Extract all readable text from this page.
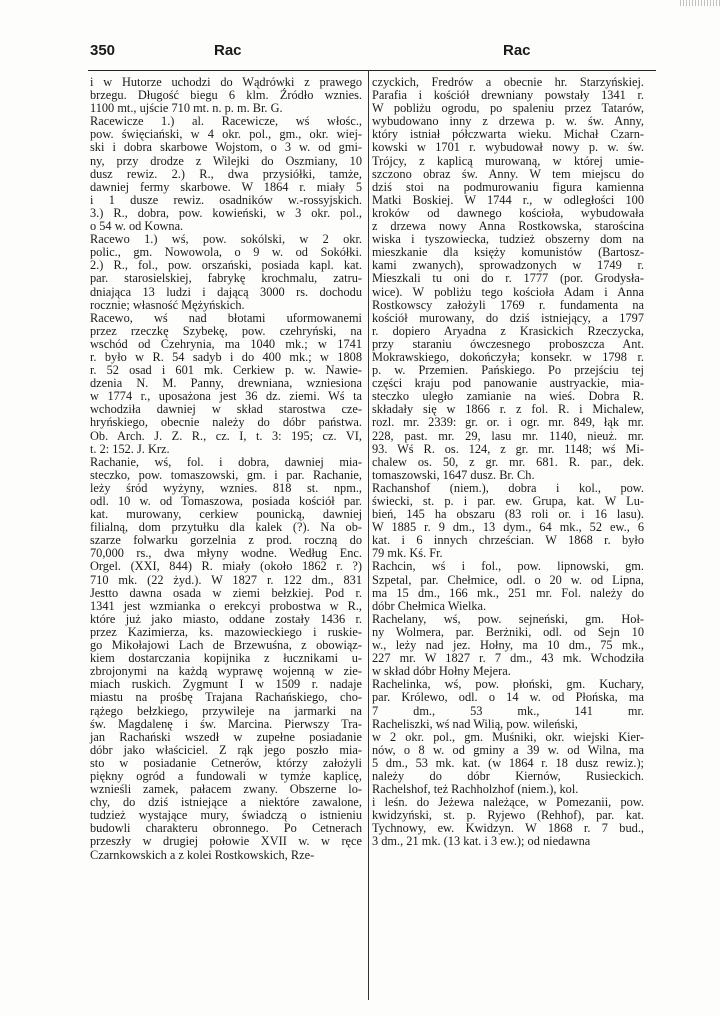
350	Rac	Rac
i w Hutorze uchodzi do Wądrówki z prawego
brzegu. Długość biegu 6 klm. Źródło wznies.
1100 mt., ujście 710 mt. n. p. m. Br. G.
Racewicze 1.) al. Racewicze, wś włośc.,
pow. święciański, w 4 okr. pol., gm., okr. wiej-
ski i dobra skarbowe Wojstom, o 3 w. od gmi-
ny, przy drodze z Wilejki do Oszmiany, 10
dusz rewiz. 2.) R., dwa przysiółki, tamże,
dawniej fermy skarbowe. W 1864 r. miały 5
i 1 dusze rewiz. osadników w.-rossyjskich.
3.) R., dobra, pow. kowieński, w 3 okr. pol.,
o 54 w. od Kowna.
Racewo 1.) wś, pow. sokólski, w 2 okr.
polic., gm. Nowowola, o 9 w. od Sokółki.
2.) R., fol., pow. orszański, posiada kapl. kat.
par. starosielskiej, fabrykę krochmalu, zatru-
dniająca 13 ludzi i dającą 3000 rs. dochodu
rocznie; własność Mężyńskich.
Racewo, wś nad błotami uformowanemi
przez rzeczkę Szybekę, pow. czehryński, na
wschód od Czehrynia, ma 1040 mk.; w 1741
r. było w R. 54 sadyb i do 400 mk.; w 1808
r. 52 osad i 601 mk. Cerkiew p. w. Nawie-
dzenia N. M. Panny, drewniana, wzniesiona
w 1774 r., uposażona jest 36 dz. ziemi. Wś ta
wchodziła dawniej w skład starostwa cze-
hryńskiego, obecnie należy do dóbr państwa.
Ob. Arch. J. Z. R., cz. I, t. 3: 195; cz. VI,
t. 2: 152. J. Krz.
Rachanie, wś, fol. i dobra, dawniej mia-
steczko, pow. tomaszowski, gm. i par. Rachanie,
leży śród wyżyny, wznies. 818 st. npm.,
odl. 10 w. od Tomaszowa, posiada kościół par.
kat. murowany, cerkiew pounicką, dawniej
filialną, dom przytułku dla kalek (?). Na ob-
szarze folwarku gorzelnia z prod. roczną do
70,000 rs., dwa młyny wodne. Według Enc.
Orgel. (XXI, 844) R. miały (około 1862 r. ?)
710 mk. (22 żyd.). W 1827 r. 122 dm., 831
Jestto dawna osada w ziemi bełzkiej. Pod r.
1341 jest wzmianka o erekcyi probostwa w R.,
które już jako miasto, oddane zostały 1436 r.
przez Kazimierza, ks. mazowieckiego i ruskie-
go Mikołajowi Lach de Brzewuśna, z obowiąz-
kiem dostarczania kopijnika z łucznikami u-
zbrojonymi na każdą wyprawę wojenną w zie-
miach ruskich. Zygmunt I w 1509 r. nadaje
miastu na prośbę Trajana Rachańskiego, cho-
rążego bełzkiego, przywileje na jarmarki na
św. Magdalenę i św. Marcina. Pierwszy Tra-
jan Rachański wszedł w zupełne posiadanie
dóbr jako właściciel. Z rąk jego poszło mia-
sto w posiadanie Cetnerów, którzy założyli
piękny ogród a fundowali w tymże kaplicę,
wznieśli zamek, pałacem zwany. Obszerne lo-
chy, do dziś istniejące a niektóre zawalone,
tudzież wystające mury, świadczą o istnieniu
budowli charakteru obronnego. Po Cetnerach
przeszły w drugiej połowie XVII w. w ręce
Czarnkowskich a z kolei Rostkowskich, Rze-
czyckich, Fredrów a obecnie hr. Starzyńskiej.
Parafia i kościół drewniany powstały 1341 r.
W pobliżu ogrodu, po spaleniu przez Tatarów,
wybudowano inny z drzewa p. w. św. Anny,
który istniał półczwarta wieku. Michał Czarn-
kowski w 1701 r. wybudował nowy p. w. św.
Trójcy, z kaplicą murowaną, w której umie-
szczono obraz św. Anny. W tem miejscu do
dziś stoi na podmurowaniu figura kamienna
Matki Boskiej. W 1744 r., w odległości 100
kroków od dawnego kościoła, wybudowała
z drzewa nowy Anna Rostkowska, starościna
wiska i tyszowiecka, tudzież obszerny dom na
mieszkanie dla księży komunistów (Bartosz-
kami zwanych), sprowadzonych w 1749 r.
Mieszkali tu oni do r. 1777 (por. Grodysła-
wice). W pobliżu tego kościoła Adam i Anna
Rostkowscy założyli 1769 r. fundamenta na
kościół murowany, do dziś istniejący, a 1797
r. dopiero Aryadna z Krasickich Rzeczycka,
przy staraniu ówczesnego proboszcza Ant.
Mokrawskiego, dokończyła; konsekr. w 1798 r.
p. w. Przemien. Pańskiego. Po przejściu tej
części kraju pod panowanie austryackie, mia-
steczko uległo zamianie na wieś. Dobra R.
składały się w 1866 r. z fol. R. i Michalew,
rozl. mr. 2339: gr. or. i ogr. mr. 849, łąk mr.
228, past. mr. 29, lasu mr. 1140, nieuż. mr.
93. Wś R. os. 124, z gr. mr. 1148; wś Mi-
chalew os. 50, z gr. mr. 681. R. par., dek.
tomaszowski, 1647 dusz. Br. Ch.
Rachanshof (niem.), dobra i kol., pow.
świecki, st. p. i par. ew. Grupa, kat. W Lu-
bień, 145 ha obszaru (83 roli or. i 16 lasu).
W 1885 r. 9 dm., 13 dym., 64 mk., 52 ew., 6
kat. i 6 innych chrześcian. W 1868 r. było
79 mk. Kś. Fr.
Rachcin, wś i fol., pow. lipnowski, gm.
Szpetal, par. Chełmice, odl. o 20 w. od Lipna,
ma 15 dm., 166 mk., 251 mr. Fol. należy do
dóbr Chełmica Wielka.
Rachelany, wś, pow. sejneński, gm. Hoł-
ny Wolmera, par. Berżniki, odl. od Sejn 10
w., leży nad jez. Hołny, ma 10 dm., 75 mk.,
227 mr. W 1827 r. 7 dm., 43 mk. Wchodziła
w skład dóbr Hołny Mejera.
Rachelinka, wś, pow. płoński, gm. Kuchary,
par. Królewo, odl. o 14 w. od Płońska, ma
7 dm., 53 mk., 141 mr.
Racheliszki, wś nad Wilią, pow. wileński,
w 2 okr. pol., gm. Muśniki, okr. wiejski Kier-
nów, o 8 w. od gminy a 39 w. od Wilna, ma
5 dm., 53 mk. kat. (w 1864 r. 18 dusz rewiz.);
należy do dóbr Kiernów, Rusieckich.
Rachelshof, też Rachholzhof (niem.), kol.
i leśn. do Jeżewa należące, w Pomezanii, pow.
kwidzyński, st. p. Ryjewo (Rehhof), par. kat.
Tychnowy, ew. Kwidzyn. W 1868 r. 7 bud.,
3 dm., 21 mk. (13 kat. i 3 ew.); od niedawna
